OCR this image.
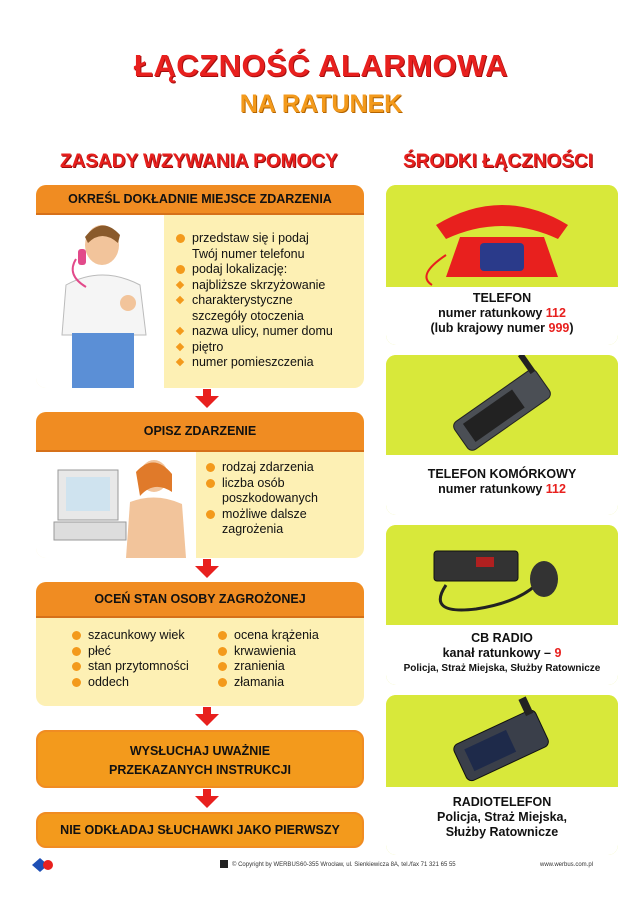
ŁĄCZNOŚĆ ALARMOWA
NA RATUNEK
ZASADY WZYWANIA POMOCY	ŚRODKI ŁĄCZNOŚCI
OKREŚL DOKŁADNIE MIEJSCE ZDARZENIA
przedstaw się i podaj
Twój numer telefonu
podaj lokalizację:
najbliższe skrzyżowanie
charakterystyczne
szczegóły otoczenia
nazwa ulicy, numer domu
piętro
numer pomieszczenia
OPISZ ZDARZENIE
rodzaj zdarzenia
liczba osób
poszkodowanych
możliwe dalsze
zagrożenia
OCEŃ STAN OSOBY ZAGROŻONEJ
szacunkowy wiek
płeć
stan przytomności
oddech
ocena krążenia
krwawienia
zranienia
złamania
WYSŁUCHAJ UWAŻNIE
PRZEKAZANYCH INSTRUKCJI
NIE ODKŁADAJ SŁUCHAWKI JAKO PIERWSZY
TELEFON
numer ratunkowy 112
(lub krajowy numer 999)
TELEFON KOMÓRKOWY
numer ratunkowy 112
CB RADIO
kanał ratunkowy – 9
Policja, Straż Miejska, Służby Ratownicze
RADIOTELEFON
Policja, Straż Miejska,
Służby Ratownicze
© Copyright by WERBUS 60-355 Wrocław, ul. Sienkiewicza 8A, tel./fax 71 321 65 55	www.werbus.com.pl
